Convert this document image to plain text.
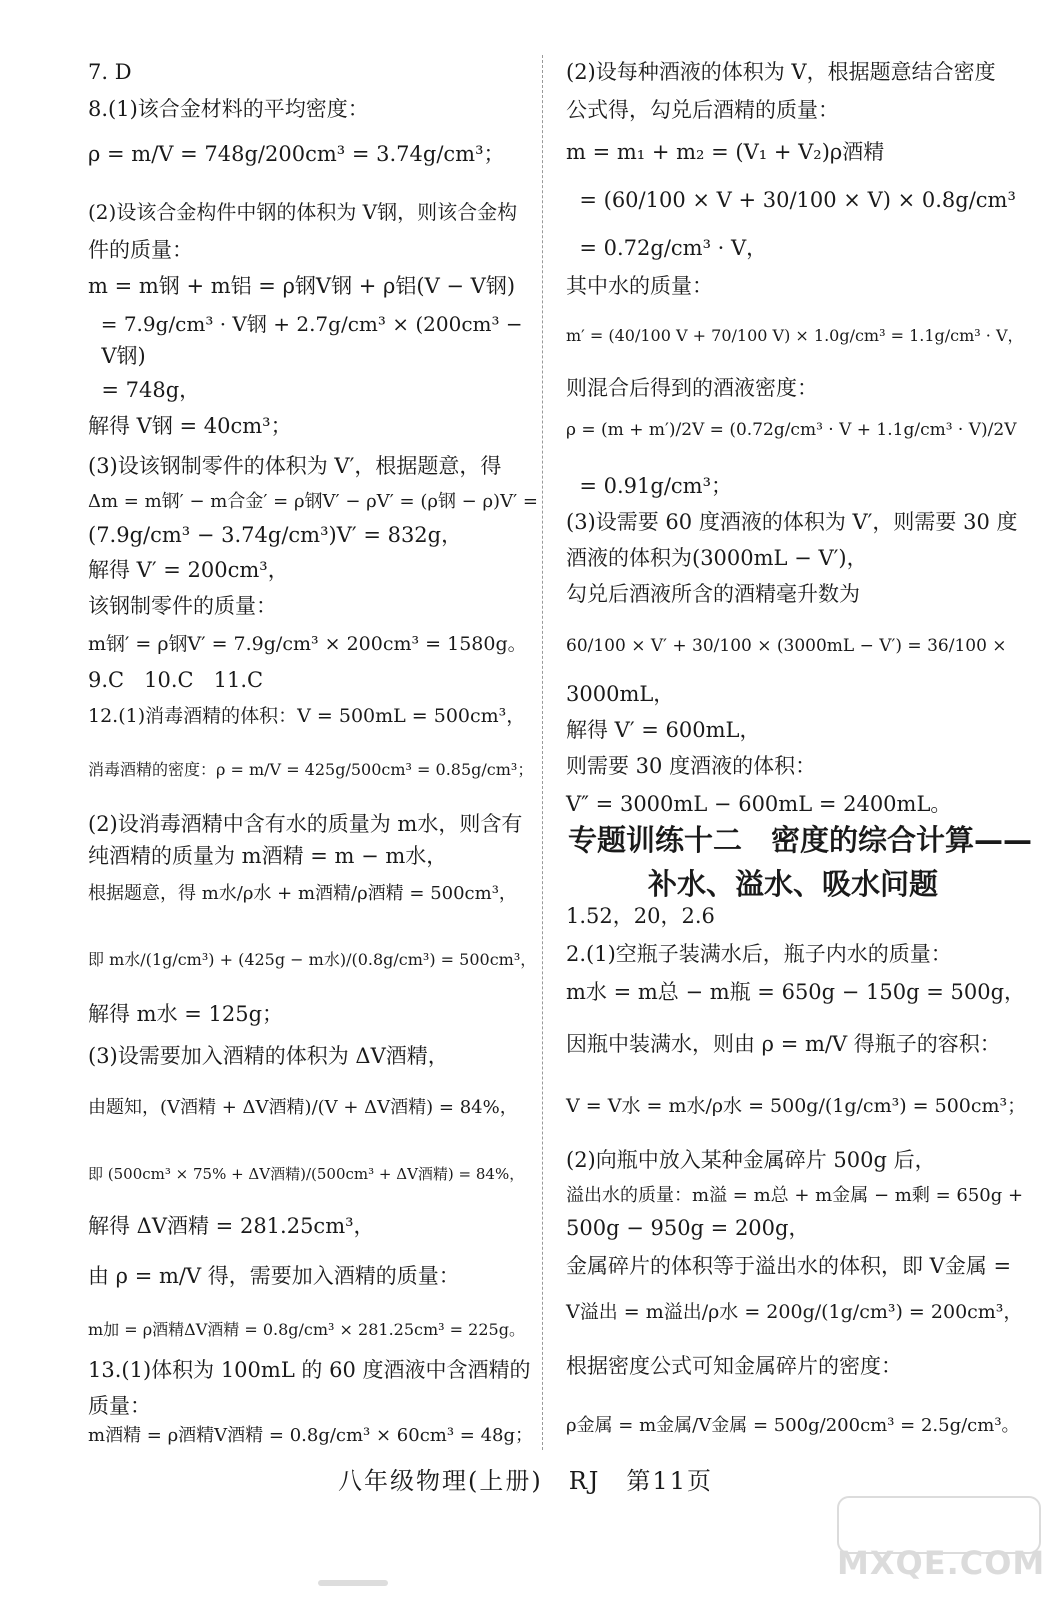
7. D
8.(1)该合金材料的平均密度：
ρ = m/V = 748g/200cm³ = 3.74g/cm³；
(2)设该合金构件中钢的体积为 V钢，则该合金构
件的质量：
m = m钢 + m铝 = ρ钢V钢 + ρ铝(V − V钢)
= 7.9g/cm³ · V钢 + 2.7g/cm³ × (200cm³ −
V钢)
= 748g，
解得 V钢 = 40cm³；
(3)设该钢制零件的体积为 V′，根据题意，得
Δm = m钢′ − m合金′ = ρ钢V′ − ρV′ = (ρ钢 − ρ)V′ =
(7.9g/cm³ − 3.74g/cm³)V′ = 832g，
解得 V′ = 200cm³，
该钢制零件的质量：
m钢′ = ρ钢V′ = 7.9g/cm³ × 200cm³ = 1580g。
9.C   10.C   11.C
12.(1)消毒酒精的体积：V = 500mL = 500cm³，
消毒酒精的密度：ρ = m/V = 425g/500cm³ = 0.85g/cm³；
(2)设消毒酒精中含有水的质量为 m水，则含有
纯酒精的质量为 m酒精 = m − m水，
根据题意，得 m水/ρ水 + m酒精/ρ酒精 = 500cm³，
即 m水/(1g/cm³) + (425g − m水)/(0.8g/cm³) = 500cm³，
解得 m水 = 125g；
(3)设需要加入酒精的体积为 ΔV酒精，
由题知，(V酒精 + ΔV酒精)/(V + ΔV酒精) = 84%，
即 (500cm³ × 75% + ΔV酒精)/(500cm³ + ΔV酒精) = 84%，
解得 ΔV酒精 = 281.25cm³，
由 ρ = m/V 得，需要加入酒精的质量：
m加 = ρ酒精ΔV酒精 = 0.8g/cm³ × 281.25cm³ = 225g。
13.(1)体积为 100mL 的 60 度酒液中含酒精的
质量：
m酒精 = ρ酒精V酒精 = 0.8g/cm³ × 60cm³ = 48g；
(2)设每种酒液的体积为 V，根据题意结合密度
公式得，勾兑后酒精的质量：
m = m₁ + m₂ = (V₁ + V₂)ρ酒精
= (60/100 × V + 30/100 × V) × 0.8g/cm³
= 0.72g/cm³ · V，
其中水的质量：
m′ = (40/100 V + 70/100 V) × 1.0g/cm³ = 1.1g/cm³ · V，
则混合后得到的酒液密度：
ρ = (m + m′)/2V = (0.72g/cm³ · V + 1.1g/cm³ · V)/2V
= 0.91g/cm³；
(3)设需要 60 度酒液的体积为 V′，则需要 30 度
酒液的体积为(3000mL − V′)，
勾兑后酒液所含的酒精毫升数为
60/100 × V′ + 30/100 × (3000mL − V′) = 36/100 ×
3000mL，
解得 V′ = 600mL，
则需要 30 度酒液的体积：
V″ = 3000mL − 600mL = 2400mL。
1.52，20，2.6
2.(1)空瓶子装满水后，瓶子内水的质量：
m水 = m总 − m瓶 = 650g − 150g = 500g，
因瓶中装满水，则由 ρ = m/V 得瓶子的容积：
V = V水 = m水/ρ水 = 500g/(1g/cm³) = 500cm³；
(2)向瓶中放入某种金属碎片 500g 后，
溢出水的质量：m溢 = m总 + m金属 − m剩 = 650g +
500g − 950g = 200g，
金属碎片的体积等于溢出水的体积，即 V金属 =
V溢出 = m溢出/ρ水 = 200g/(1g/cm³) = 200cm³，
根据密度公式可知金属碎片的密度：
ρ金属 = m金属/V金属 = 500g/200cm³ = 2.5g/cm³。
专题训练十二　密度的综合计算——
补水、溢水、吸水问题
八年级物理(上册)　RJ　第11页
MXQE.COM
